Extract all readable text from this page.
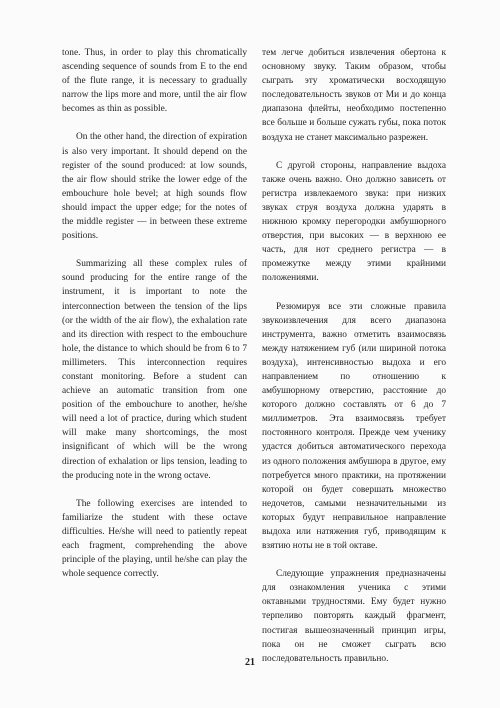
tone. Thus, in order to play this chromatically ascending sequence of sounds from E to the end of the flute range, it is necessary to gradually narrow the lips more and more, until the air flow becomes as thin as possible.

On the other hand, the direction of expiration is also very important. It should depend on the register of the sound produced: at low sounds, the air flow should strike the lower edge of the embouchure hole bevel; at high sounds flow should impact the upper edge; for the notes of the middle register — in between these extreme positions.

Summarizing all these complex rules of sound producing for the entire range of the instrument, it is important to note the interconnection between the tension of the lips (or the width of the air flow), the exhalation rate and its direction with respect to the embouchure hole, the distance to which should be from 6 to 7 millimeters. This interconnection requires constant monitoring. Before a student can achieve an automatic transition from one position of the embouchure to another, he/she will need a lot of practice, during which student will make many shortcomings, the most insignificant of which will be the wrong direction of exhalation or lips tension, leading to the producing note in the wrong octave.

The following exercises are intended to familiarize the student with these octave difficulties. He/she will need to patiently repeat each fragment, comprehending the above principle of the playing, until he/she can play the whole sequence correctly.

тем легче добиться извлечения обертона к основному звуку. Таким образом, чтобы сыграть эту хроматически восходящую последовательность звуков от Ми и до конца диапазона флейты, необходимо постепенно все больше и больше сужать губы, пока поток воздуха не станет максимально разрежен.

С другой стороны, направление выдоха также очень важно. Оно должно зависеть от регистра извлекаемого звука: при низких звуках струя воздуха должна ударять в нижнюю кромку перегородки амбушюрного отверстия, при высоких — в верхнюю ее часть, для нот среднего регистра — в промежутке между этими крайними положениями.

Резюмируя все эти сложные правила звукоизвлечения для всего диапазона инструмента, важно отметить взаимосвязь между натяжением губ (или шириной потока воздуха), интенсивностью выдоха и его направлением по отношению к амбушюрному отверстию, расстояние до которого должно составлять от 6 до 7 миллиметров. Эта взаимосвязь требует постоянного контроля. Прежде чем ученику удастся добиться автоматического перехода из одного положения амбушюра в другое, ему потребуется много практики, на протяжении которой он будет совершать множество недочетов, самыми незначительными из которых будут неправильное направление выдоха или натяжения губ, приводящим к взятию ноты не в той октаве.

Следующие упражнения предназначены для ознакомления ученика с этими октавными трудностями. Ему будет нужно терпеливо повторять каждый фрагмент, постигая вышеозначенный принцип игры, пока он не сможет сыграть всю последовательность правильно.

21
